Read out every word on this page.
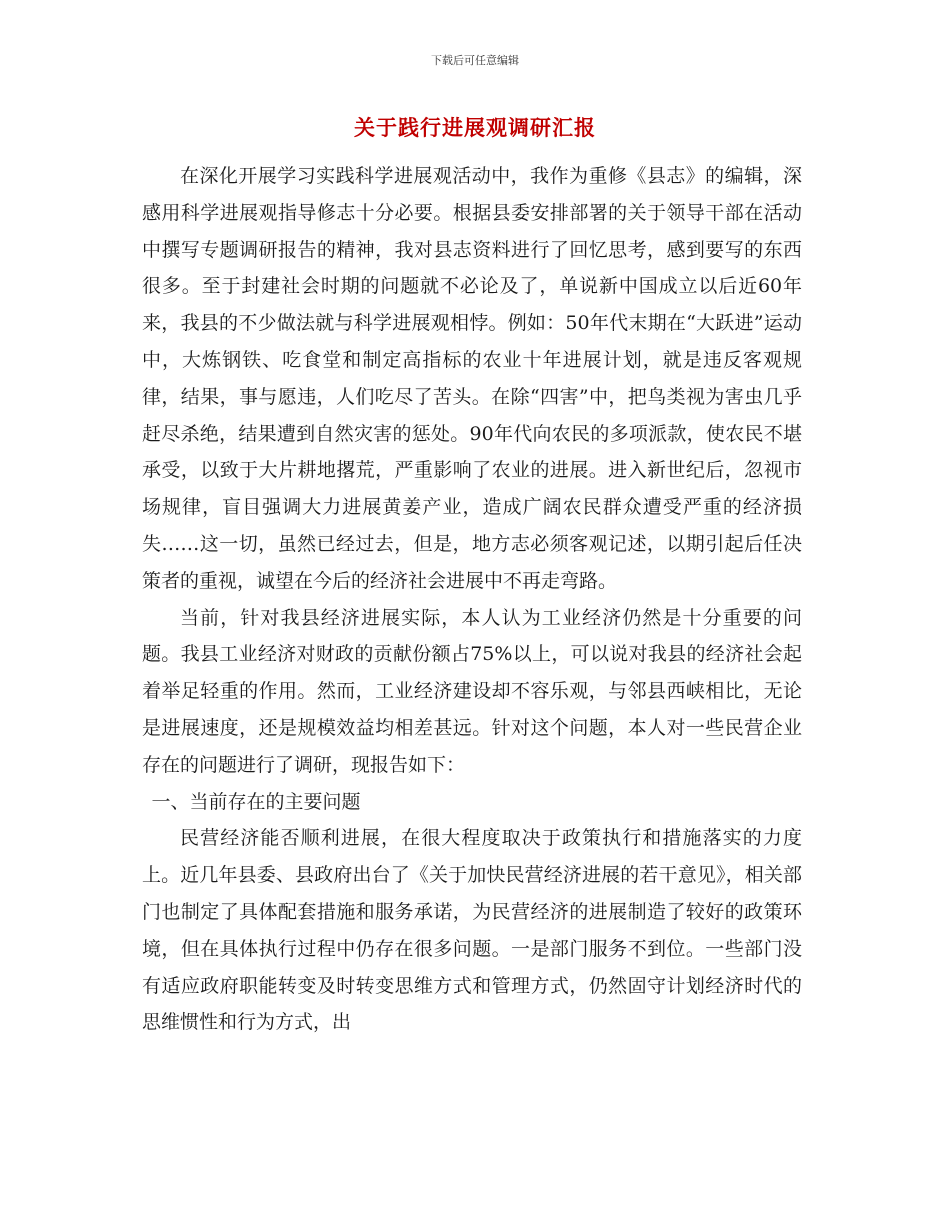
下载后可任意编辑
关于践行进展观调研汇报

在深化开展学习实践科学进展观活动中，我作为重修《县志》的编辑，深感用科学进展观指导修志十分必要。根据县委安排部署的关于领导干部在活动中撰写专题调研报告的精神，我对县志资料进行了回忆思考，感到要写的东西很多。至于封建社会时期的问题就不必论及了，单说新中国成立以后近60年来，我县的不少做法就与科学进展观相悖。例如：50年代末期在“大跃进”运动中，大炼钢铁、吃食堂和制定高指标的农业十年进展计划，就是违反客观规律，结果，事与愿违，人们吃尽了苦头。在除“四害”中，把鸟类视为害虫几乎赶尽杀绝，结果遭到自然灾害的惩处。90年代向农民的多项派款，使农民不堪承受，以致于大片耕地撂荒，严重影响了农业的进展。进入新世纪后，忽视市场规律，盲目强调大力进展黄姜产业，造成广阔农民群众遭受严重的经济损失……这一切，虽然已经过去，但是，地方志必须客观记述，以期引起后任决策者的重视，诚望在今后的经济社会进展中不再走弯路。

当前，针对我县经济进展实际，本人认为工业经济仍然是十分重要的问题。我县工业经济对财政的贡献份额占75%以上，可以说对我县的经济社会起着举足轻重的作用。然而，工业经济建设却不容乐观，与邻县西峡相比，无论是进展速度，还是规模效益均相差甚远。针对这个问题，本人对一些民营企业存在的问题进行了调研，现报告如下：

一、当前存在的主要问题

民营经济能否顺利进展，在很大程度取决于政策执行和措施落实的力度上。近几年县委、县政府出台了《关于加快民营经济进展的若干意见》，相关部门也制定了具体配套措施和服务承诺，为民营经济的进展制造了较好的政策环境，但在具体执行过程中仍存在很多问题。一是部门服务不到位。一些部门没有适应政府职能转变及时转变思维方式和管理方式，仍然固守计划经济时代的思维惯性和行为方式，出
